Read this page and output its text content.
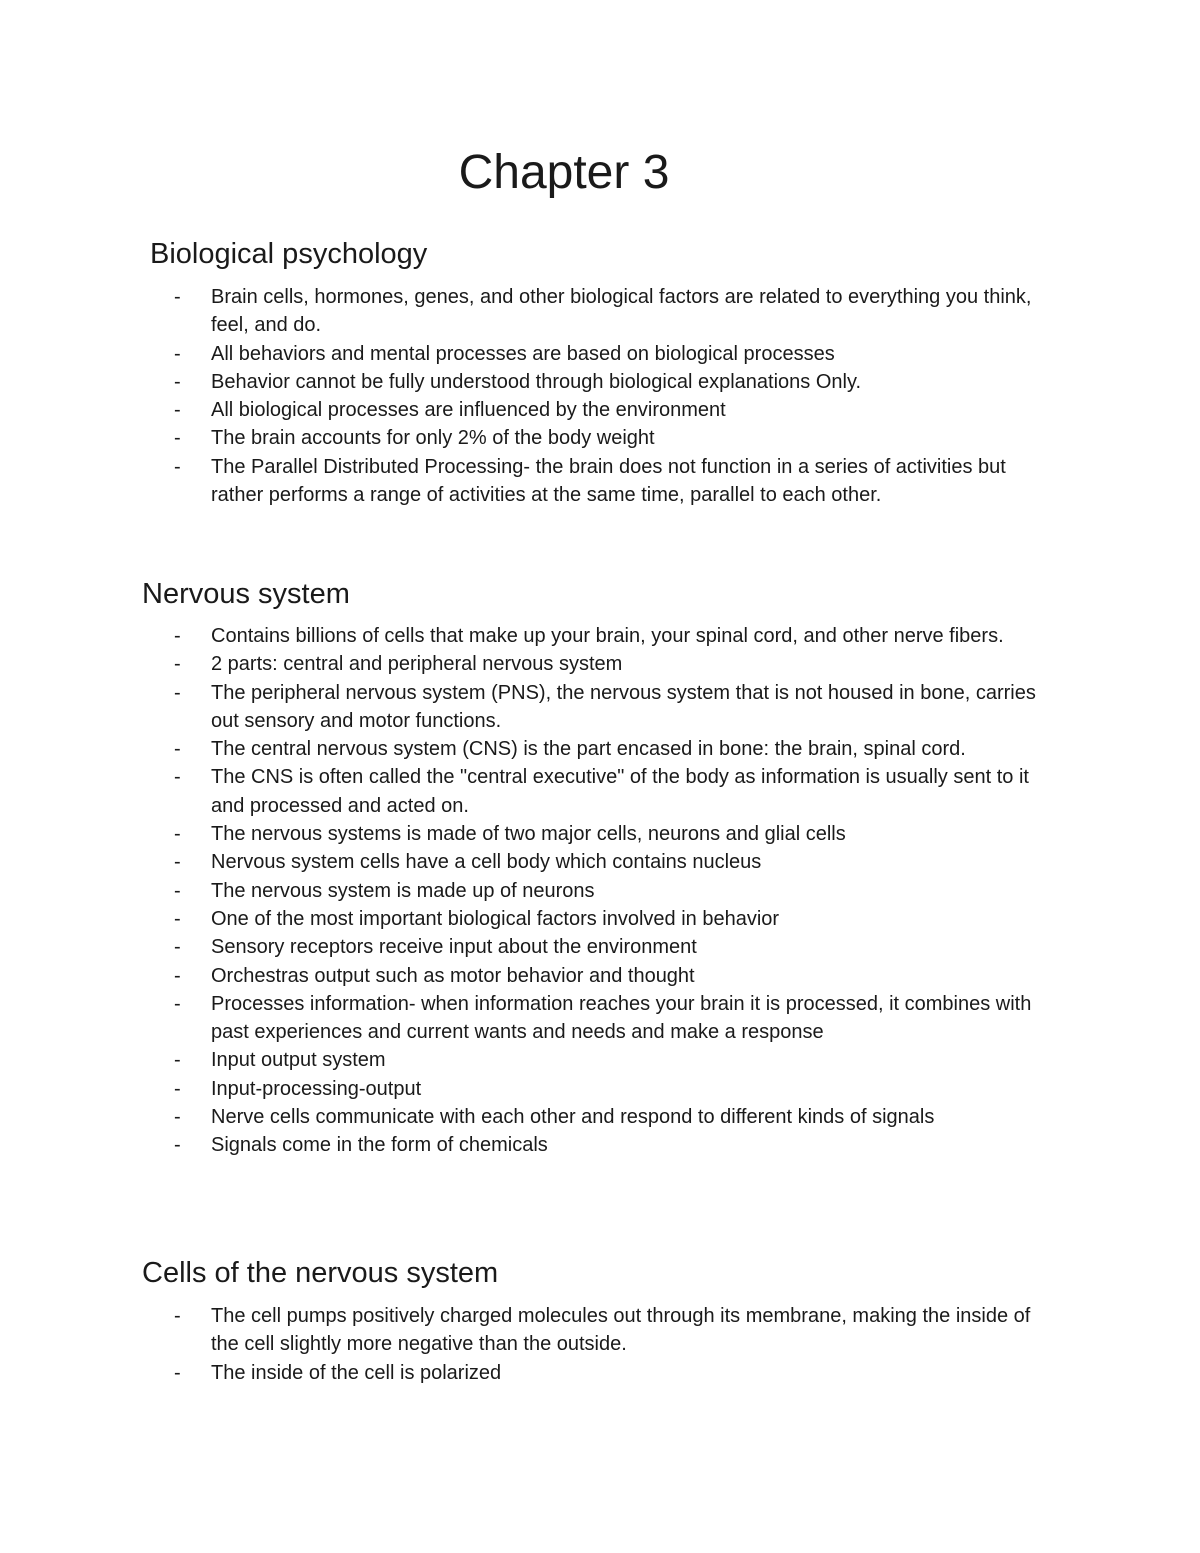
Chapter 3
Biological psychology
- Brain cells, hormones, genes, and other biological factors are related to everything you think, feel, and do.
- All behaviors and mental processes are based on biological processes
- Behavior cannot be fully understood through biological explanations Only.
- All biological processes are influenced by the environment
- The brain accounts for only 2% of the body weight
- The Parallel Distributed Processing- the brain does not function in a series of activities but rather performs a range of activities at the same time, parallel to each other.
Nervous system
- Contains billions of cells that make up your brain, your spinal cord, and other nerve fibers.
- 2 parts: central and peripheral nervous system
- The peripheral nervous system (PNS), the nervous system that is not housed in bone, carries out sensory and motor functions.
- The central nervous system (CNS) is the part encased in bone: the brain, spinal cord.
- The CNS is often called the "central executive" of the body as information is usually sent to it and processed and acted on.
- The nervous systems is made of two major cells, neurons and glial cells
- Nervous system cells have a cell body which contains nucleus
- The nervous system is made up of neurons
- One of the most important biological factors involved in behavior
- Sensory receptors receive input about the environment
- Orchestras output such as motor behavior and thought
- Processes information- when information reaches your brain it is processed, it combines with past experiences and current wants and needs and make a response
- Input output system
- Input-processing-output
- Nerve cells communicate with each other and respond to different kinds of signals
- Signals come in the form of chemicals
Cells of the nervous system
- The cell pumps positively charged molecules out through its membrane, making the inside of the cell slightly more negative than the outside.
- The inside of the cell is polarized
